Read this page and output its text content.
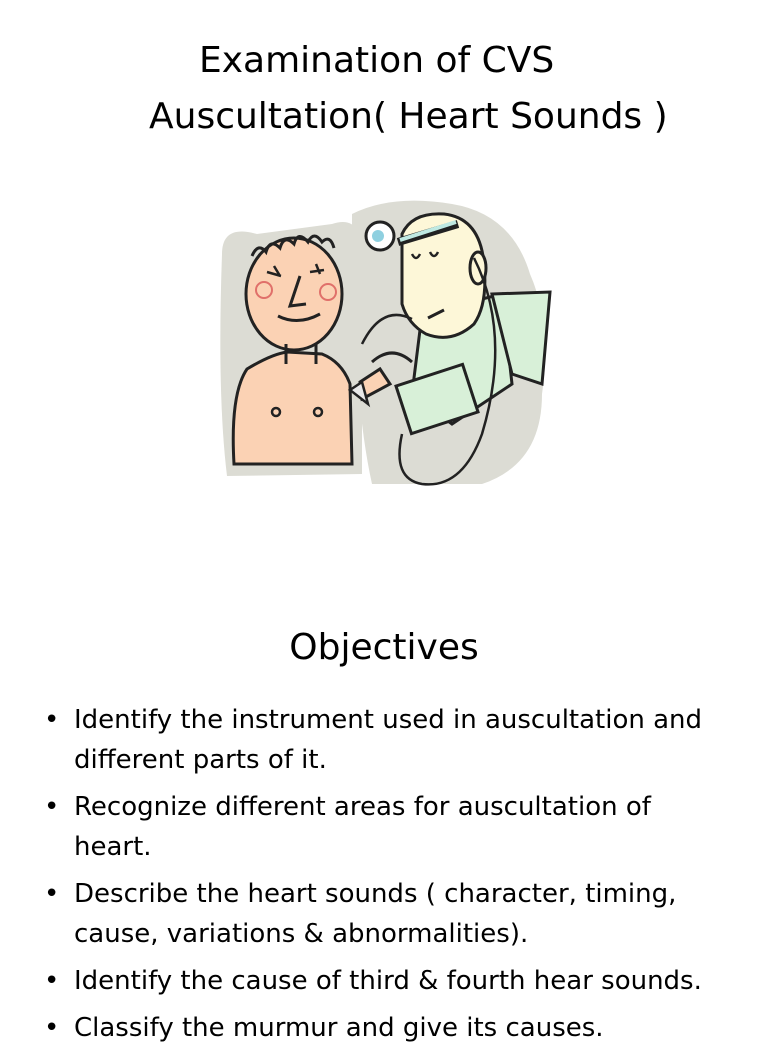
Examination of CVS
Auscultation( Heart Sounds )
Objectives
• Identify the instrument used in auscultation and different parts of it.
• Recognize different areas for auscultation of heart.
• Describe the heart sounds ( character, timing, cause, variations & abnormalities).
• Identify the cause of third & fourth hear sounds.
• Classify the murmur and give its causes.
